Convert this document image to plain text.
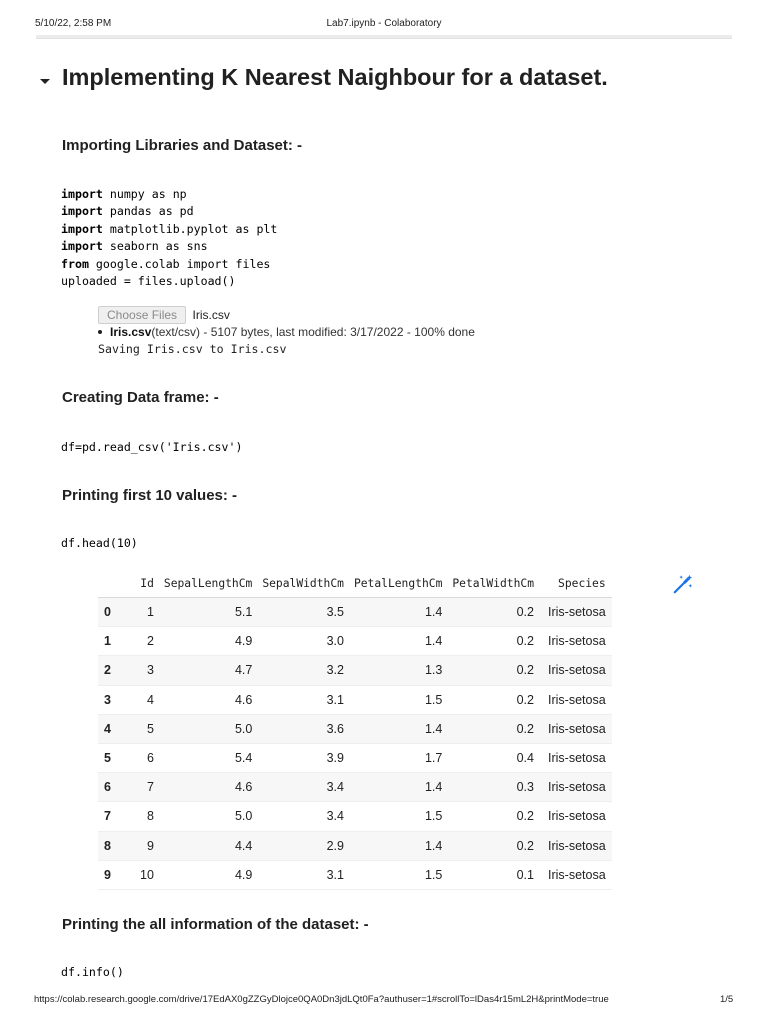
5/10/22, 2:58 PM	Lab7.ipynb - Colaboratory
Implementing K Nearest Naighbour for a dataset.
Importing Libraries and Dataset: -
import numpy as np
import pandas as pd
import matplotlib.pyplot as plt
import seaborn as sns
from google.colab import files
uploaded = files.upload()
Choose Files Iris.csv
Iris.csv(text/csv) - 5107 bytes, last modified: 3/17/2022 - 100% done
Saving Iris.csv to Iris.csv
Creating Data frame: -
df=pd.read_csv('Iris.csv')
Printing first 10 values: -
df.head(10)
	Id	SepalLengthCm	SepalWidthCm	PetalLengthCm	PetalWidthCm	Species
0	1	5.1	3.5	1.4	0.2	Iris-setosa
1	2	4.9	3.0	1.4	0.2	Iris-setosa
2	3	4.7	3.2	1.3	0.2	Iris-setosa
3	4	4.6	3.1	1.5	0.2	Iris-setosa
4	5	5.0	3.6	1.4	0.2	Iris-setosa
5	6	5.4	3.9	1.7	0.4	Iris-setosa
6	7	4.6	3.4	1.4	0.3	Iris-setosa
7	8	5.0	3.4	1.5	0.2	Iris-setosa
8	9	4.4	2.9	1.4	0.2	Iris-setosa
9	10	4.9	3.1	1.5	0.1	Iris-setosa
Printing the all information of the dataset: -
df.info()
https://colab.research.google.com/drive/17EdAX0gZZGyDlojce0QA0Dn3jdLQt0Fa?authuser=1#scrollTo=lDas4r15mL2H&printMode=true	1/5
